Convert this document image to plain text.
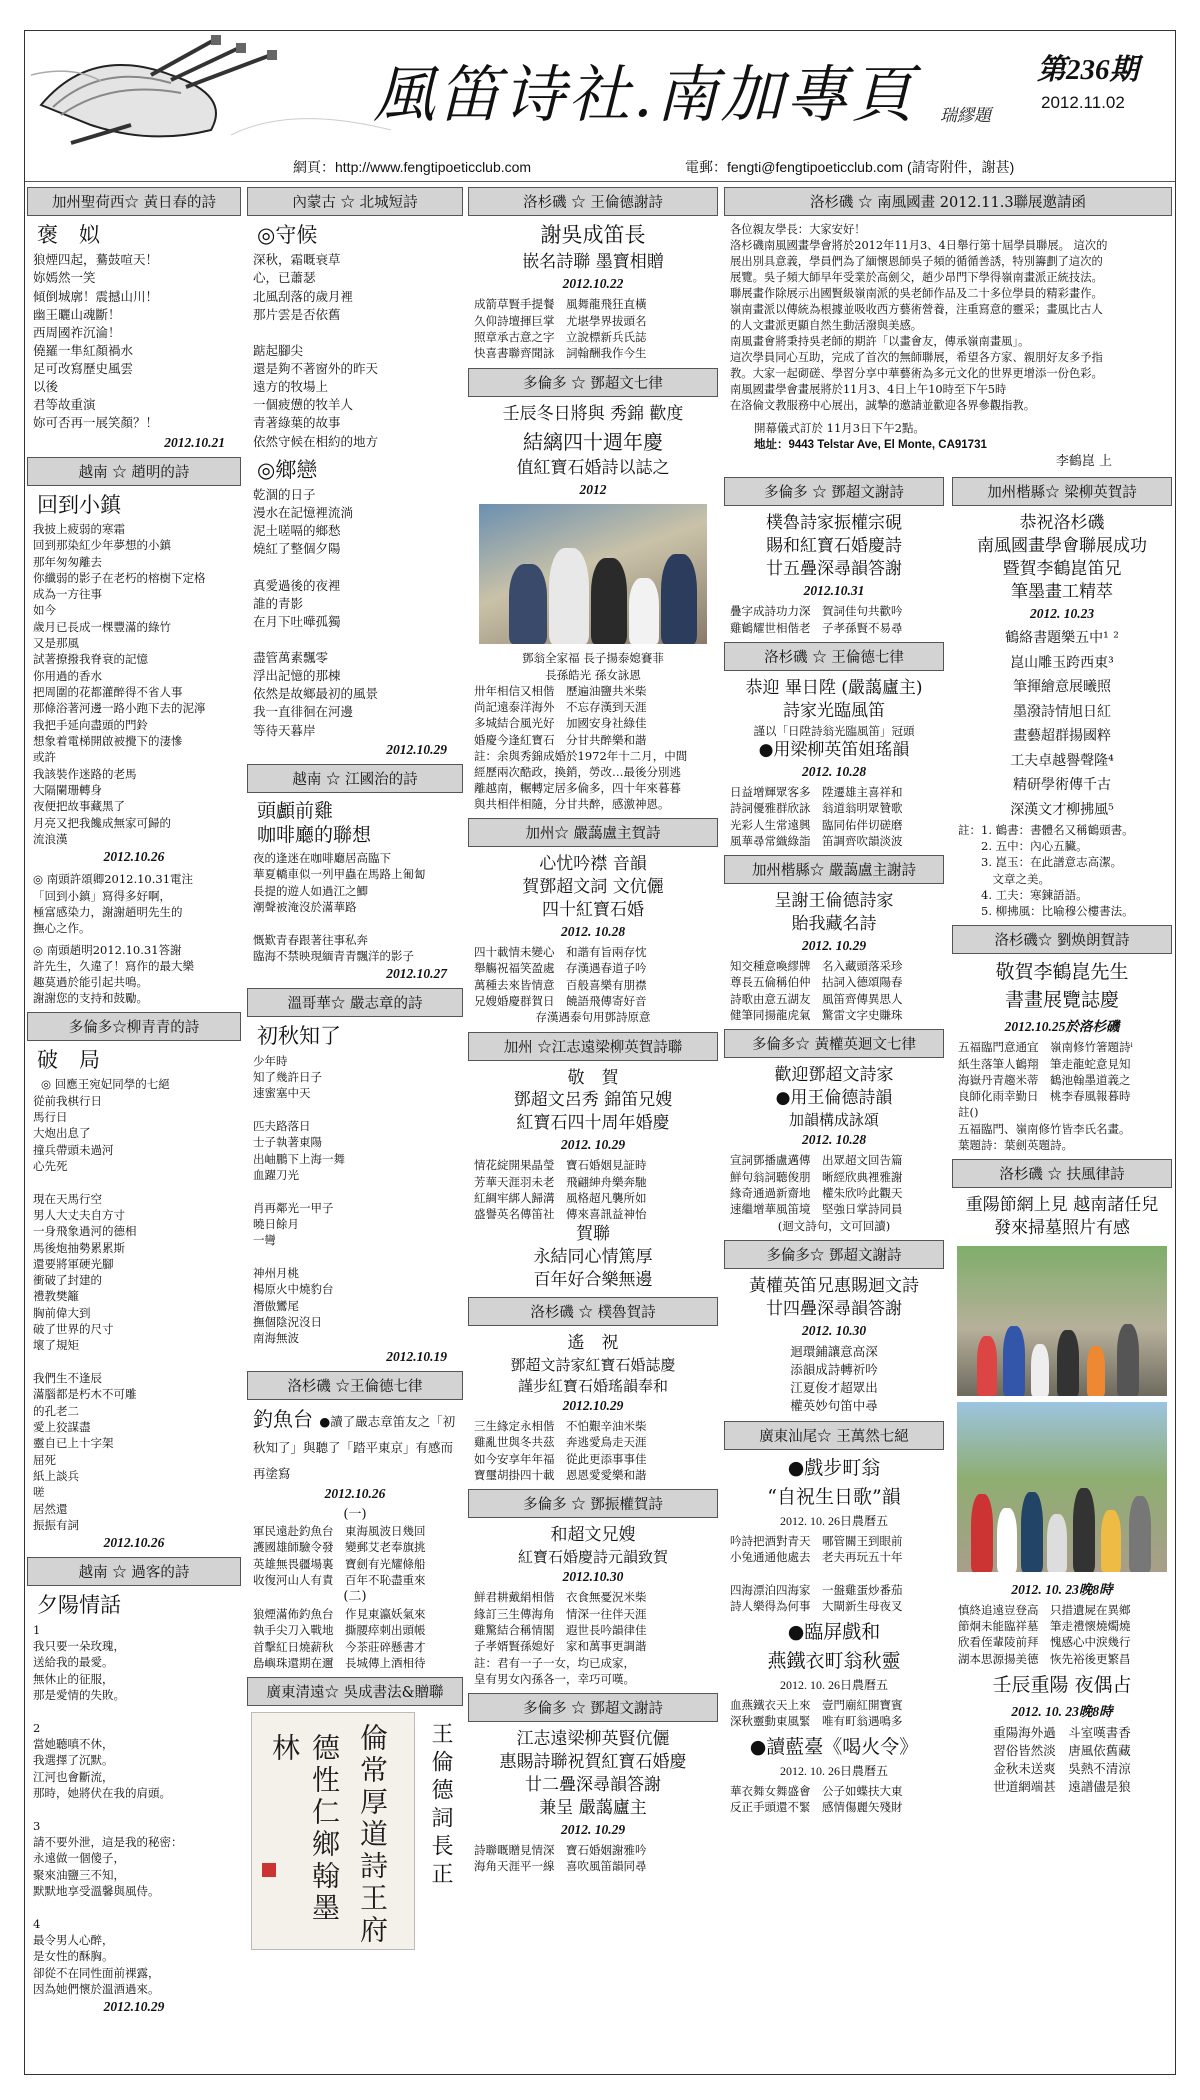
風笛诗社.南加專頁 瑞繆題
第236期
2012.11.02
網頁：http://www.fengtipoeticclub.com	電郵：fengti@fengtipoeticclub.com (請寄附件，謝甚)
加州聖荷西☆ 黃日春的詩
褒　姒
狼煙四起，驀鼓喧天！
妳嫣然一笑
傾倒城廓！震撼山川！
幽王曬山魂斷！
西周國祚沉淪！
僥羅一隼紅顏禍水
足可改寫歷史風雲
以後
君等故重演
妳可否再一展笑顏？！
2012.10.21
越南 ☆ 趙明的詩
回到小鎮
我披上疲弱的寒霜
回到那染紅少年夢想的小鎮
那年匆匆離去
你纖弱的影子在老朽的榕樹下定格
成為一方往事
如今
歲月已長成一棵豐滿的綠竹
又是那風
試著撩撥我脊衰的記憶
你用過的香水
把周圍的花都灌醉得不省人事
那條浴著河邊一路小跑下去的泥濘
我把手延向盡頭的門鈴
想象着電梯開啟被攪下的淒慘
或許
我該裝作迷路的老馬
大隔闌珊轉身
夜便把故事藏黑了
月亮又把我饞成無家可歸的
流浪漢
2012.10.26
◎ 南頭許頌卿2012.10.31電注
「回到小鎮」寫得多好啊，
極富感染力，謝謝趙明先生的
撫心之作。
◎ 南頭趙明2012.10.31答謝
許先生，久違了！寫作的最大樂
趣莫過於能引起共鳴。
謝謝您的支持和鼓勵。
多倫多☆柳青青的詩
破　局
◎ 回應王宛妃同學的七絕
從前我棋行日
馬行日
大炮出息了
撞兵帶頭未過河
心先死

現在天馬行空
男人大丈夫自方寸
一身飛象過河的德相
馬後炮抽勢累累斯
還要將軍硬光腳
衝破了封建的
禮教樊籬
胸前偉大到
破了世界的尺寸
壞了規矩

我們生不逢辰
滿腦都是朽木不可雕
的孔老二
愛上狡謀盡
靈自已上十字架
屈死
紙上談兵
嗟
居然還
振振有詞
2012.10.26
越南 ☆ 過客的詩
夕陽情話
1
我只要一朵玫瑰，
送給我的最愛。
無休止的征服，
那是愛情的失敗。

2
當她聽嗔不休，
我選擇了沉默。
江河也會斷流，
那時，她將伏在我的肩頭。

3
請不要外泄，這是我的秘密：
永遠做一個傻子，
聚來油鹽三不知，
默默地享受溫馨與風侍。

4
最令男人心醉，
是女性的酥胸。
卻從不在同性面前裸露，
因為她們懷於溫酒過來。
2012.10.29
內蒙古 ☆ 北城短詩
◎守候
深秋，霜嘅衰草
心，已蕭瑟
北風刮落的歲月裡
那片雲是否依舊

踮起腳尖
還是夠不著窗外的昨天
遠方的牧場上
一個疲憊的牧羊人
青著綠葉的故事
依然守候在相約的地方
◎鄉戀
乾涸的日子
漫水在記憶裡流淌
泥土嗟嗝的鄉愁
燒紅了整個夕陽

真愛過後的夜裡
誰的青影
在月下吐嘩孤獨

盡管萬素飄零
浮出記憶的那棟
依然是故鄉最初的風景
我一直徘徊在河邊
等待天暮岸
2012.10.29
越南 ☆ 江國治的詩
頭顱前雞
咖啡廳的聯想
夜的逢迷在咖啡廳居高臨下
華夏轎車似一列甲蟲在馬路上匍匐
長提的遊人如過江之鯽
潮聲被淹沒於滿華路

慨歎青春跟著往事私奔
臨海不禁映現緬青青飄洋的影子
2012.10.27
溫哥華☆ 嚴志章的詩
初秋知了
少年時
知了幾許日子
速蜜塞中天

匹夫路落日
士子執著東陽
出岫鵬下上海一舞
血躍刀光

肖再鄰光一甲子
曉日餘月
一彎

神州月桃
楊原火中燒豹台
潛傲鸞尾
撫個陰況沒日
南海無波
2012.10.19
洛杉磯 ☆王倫德七律
釣魚台 ●讀了嚴志章笛友之「初秋知了」與聽了「踏平東京」有感而再塗寫
2012.10.26
(一)
軍民遠赴釣魚台　東海風波日幾回
護國雄師驗令發　變郵艾老奉旗挑
英雄無畏疆場裏　寶劍有光耀條船
收復河山人有責　百年不恥盡重來
(二)
狼煙滿佈釣魚台　作見東瀛妖氣來
執手尖刀入戰地　撕腰瘁刺出頭帳
首擊紅日燒薪秋　今茶莊碎懸書才
島嶼珠還期在邇　長城傳上酒相待
廣東清遠☆ 吳成書法&贈聯
倫常厚道詩王府
德性仁鄉翰墨林	王倫德詞長正
洛杉磯 ☆ 王倫德謝詩
謝吳成笛長
嵌名詩聯 墨寶相贈
2012.10.22
成箭草賢手提餐　風舞龍飛狂直橫
久仰詩壇揮巨掌　尤堪學界拔頭名
照章承古意之字　立說標新兵氏誌
快喜書聯齊聞詠　詞翰酬我作今生
多倫多 ☆ 鄧超文七律
壬辰冬日將與 秀錦 歡度
結縭四十週年慶
值紅寶石婚詩以誌之
2012
鄧翁全家福 長子揚泰媳賽菲
長孫皓光 孫女詠恩
卅年相信又相偕　歷遍油鹽共米柴
尚記遠泰洋海外　不忘存漢到天涯
多城結合風光好　加國安身社綠佳
婚慶今逢紅寶石　分甘共醉樂和諧
註：余與秀錦成婚於1972年十二月，中間
經歷兩次酷政，換銷，勞改…最後分別逃
離越南，輾轉定居多倫多，四十年來暮暮
與共相伴相隨，分甘共醉，感激神恩。
加州☆ 嚴藹盧主賀詩
心忧吟襟 音韻
賀鄧超文詞 文伉儷
四十紅寶石婚
2012. 10.28
四十載情未變心　和諧有旨兩存忱
舉觴祝福笑盈處　存漢遇春道子吟
萬種去來皆情意　百般喜樂有朋襟
兄嫂婚慶群賀日　饒語飛傳寄好音
存漢遇泰句用鄧詩原意
加州 ☆江志遠梁柳英賀詩聯
敬　賀
鄧超文呂秀 錦笛兄嫂
紅寶石四十周年婚慶
2012. 10.29
情花綻開果晶瑩　寶石婚姻見証時
芳華天涯羽未老　飛翩紳舟樂奔馳
紅綢牢綁人歸溝　風格超凡襲所如
盛譽英名傳笛社　傳來喜訊益神怡
賀聯
永結同心情篤厚
百年好合樂無邊
洛杉磯 ☆ 樸魯賀詩
遙　祝
鄧超文詩家紅寶石婚誌慶
謹步紅寶石婚瑤韻奉和
2012.10.29
三生緣定永相偕　不怕艱辛油米柴
雞亂世與冬共茲　奔逃愛鳥走天涯
如今安享年年福　從此更添事事佳
寶璽胡掛四十載　恩恩愛愛樂和諧
多倫多 ☆ 鄧振權賀詩
和超文兄嫂
紅寶石婚慶詩元韻致賀
2012.10.30
鮮君耕戴絹相偕　衣食無憂況米柴
緣訂三生傳海角　情深一往伴天涯
雞驚結合稱情閣　遐世長吟韻律佳
子孝婿賢孫媳好　家和萬事更調諧
註：君有一子一女，均已成家，
皇有男女內孫各一，幸巧可嘆。
多倫多 ☆ 鄧超文謝詩
江志遠梁柳英賢伉儷
惠賜詩聯祝賀紅寶石婚慶
廿二疊深尋韻答謝
兼呈 嚴藹廬主
2012. 10.29
詩聯嘅贈見情深　寶石婚姻謝雅吟
海角天涯平一線　喜吹風笛韻同尋
洛杉磯 ☆ 南風國畫 2012.11.3聯展邀請函
各位親友學長：大家安好！
洛杉磯南風國畫學會將於2012年11月3、4日舉行第十屆學員聯展。 這次的
展出別具意義，學員們為了緬懷恩師吳子頻的循循善誘，特別籌劃了這次的
展覽。吳子頻大師早年受業於高劍父，趙少昂門下學得嶺南畫派正統技法。
聯展畫作除展示出國賢級嶺南派的吳老師作品及二十多位學員的精彩畫作。
嶺南畫派以傳統為根據並吸收西方藝術營養，注重寫意的靈采；畫風比古人
的人文畫派更顯自然生動活潑與美感。
南風畫會將秉持吳老師的期許「以畫會友，傳承嶺南畫風」。
這次學員同心互助，完成了首次的無師聯展，希望各方家、親朋好友多予指
教。大家一起砌磋、學習分享中華藝術為多元文化的世界更增添一份色彩。
南風國畫學會畫展將於11月3、4日上午10時至下午5時
在洛倫文教服務中心展出，誠摯的邀請並歡迎各界參觀指教。
開幕儀式訂於 11月3日下午2點。
地址：9443 Telstar Ave, El Monte, CA91731
李鶴崑 上
多倫多 ☆ 鄧超文謝詩
樸魯詩家振權宗硯
賜和紅寶石婚慶詩
廿五疊深尋韻答謝
2012.10.31
疊字成詩功力深　賀詞佳句共歡吟
雞鶴耀世相偕老　子孝孫賢不易尋
洛杉磯 ☆ 王倫德七律
恭迎 畢日陞 (嚴藹廬主)
詩家光臨風笛
謹以「日陞詩翁光臨風笛」冠頭
●用梁柳英笛姐瑤韻
2012. 10.28
日益增輝眾客多　陞遷雄主喜祥和
詩詞優雅群欣詠　翁道翁明眾贊歌
光彩人生常遠興　臨同佑伴切磋磨
風華尋常織綠詣　笛調齊吹韻淡波
加州楷縣☆ 嚴藹盧主謝詩
呈謝王倫德詩家
貽我藏名詩
2012. 10.29
知交種意喚繆牌　名入藏頭落采珍
尊長五倫稱伯仲　拈詞入德頌陽春
詩歌由意五湖友　風笛齊傳異思人
健筆同揚龍虎氣　驚雷文字史賺珠
多倫多☆ 黃權英迴文七律
歡迎鄧超文詩家
●用王倫德詩韻
加韻構成詠頌
2012. 10.28
宣詞鄧播盧邁傳　出眾超文回告篇
鮮句翁詞聽俊朋　晰經欣典裡雅謝
緣奇通過新齋地　權朱欣吟此觀天
速繼增華風笛境　堅強日掌詩同員
(迴文詩句，文可回讀)
多倫多☆ 鄧超文謝詩
黃權英笛兄惠賜迴文詩
廿四疊深尋韻答謝
2012. 10.30
迴環鋪讓意高深
添韻成詩轉祈吟
江夏俊才超眾出
權英妙句笛中尋
廣東汕尾☆ 王萬然七絕
●戲步町翁
“自祝生日歌”韻
2012. 10. 26日農曆五
吟詩把酒對青天　哪管關王到眼前
小兔通通他處去　老夫再玩五十年

四海漂泊四海家　一盤雞蛋炒番茄
詩人樂得為何事　大閘新生母夜叉
●臨屏戲和
燕鐵衣町翁秋靈
2012. 10. 26日農曆五
血燕鐵衣天上來　壹門廟紅開寶賓
深秋靈動東風緊　唯有町翁遇鳴多
●讀藍臺《喝火令》
2012. 10. 26日農曆五
華衣舞女舞盛會　公子如蝶扶大東
反正手頭還不緊　感情傷麗矢殘財
加州楷縣☆ 梁柳英賀詩
恭祝洛杉磯
南風國畫學會聯展成功
暨賀李鶴崑笛兄
筆墨畫工精萃
2012. 10.23
鶴絡書題樂五中¹ ²
崑山雕玉跨西東³
筆揮繪意展曦照
墨潑詩情旭日紅
畫藝超群揚國粹
工夫卓越譽聲隆⁴
精研學術傳千古
深漢文才柳拂風⁵
註：1. 鶴書：書體名又稱鶴頭書。
　　2. 五中：內心五臟。
　　3. 崑玉：在此譜意志高潔。
　　　文章之美。
　　4. 工夫：寒鍊語語。
　　5. 柳拂風：比喻穆公樓書法。
洛杉磯☆ 劉焕朗賀詩
敬賀李鶴崑先生
書畫展覽誌慶
2012.10.25於洛杉磯
五福臨門意通宜　嶺南修竹箸題詩ⁱ
紙生落筆人鶴翔　筆走龍蛇意見知
海嶽丹青趨米蒂　鶴池翰墨道義之
良師化雨幸勤日　桃李春風報暮時
註()
五福臨門、嶺南修竹皆李氏名畫。
葉題詩：葉劍英題詩。
洛杉磯 ☆ 扶風律詩
重陽節網上見 越南諸任兒
發來掃墓照片有感
2012. 10. 23晚8時
慎終追遠豈登高　只措遺屍在異鄉
節炯未能臨祥墓　筆走禮懷燒燭燒
欣看侄輩陵前拜　愧感心中淚幾行
湖本思源揚美德　恢先裕後更繁昌
壬辰重陽 夜偶占
2012. 10. 23晚8時
重陽海外過　斗室嘆書香
習俗皆然淡　唐風依舊藏
金秋未送爽　吳熱不清涼
世道網端甚　遠譜儘是狼
